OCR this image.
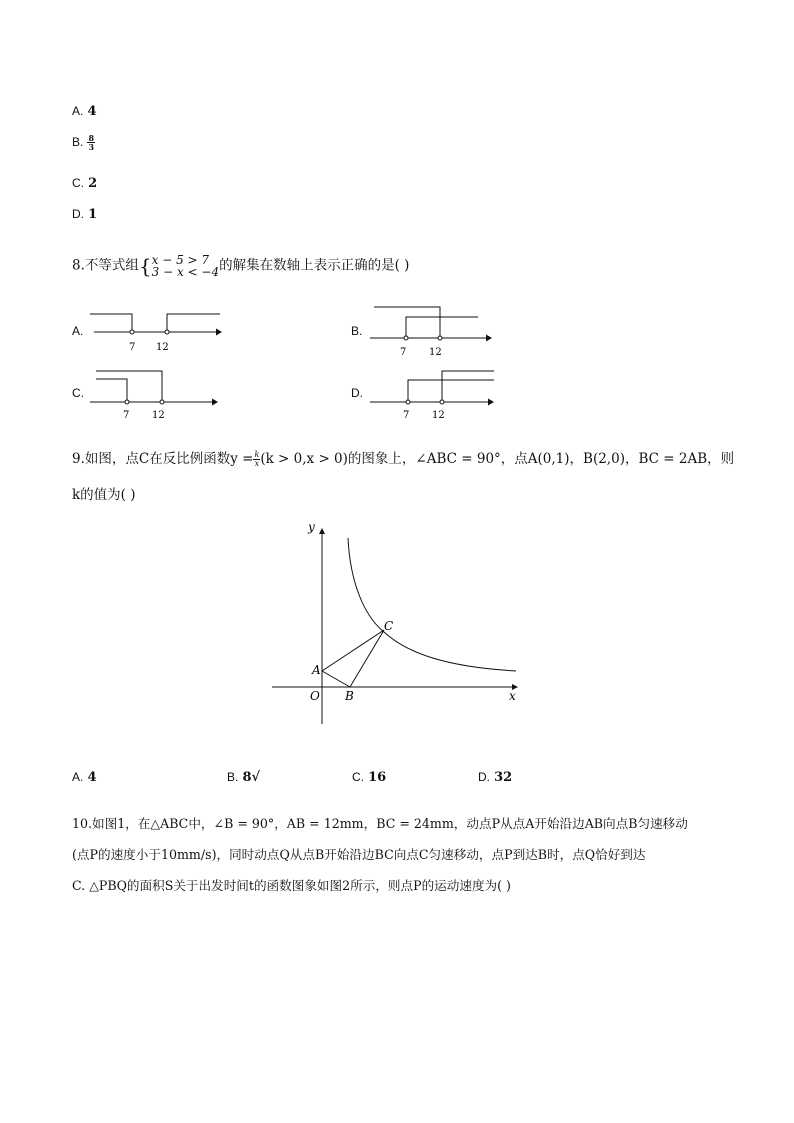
A. 4
B. $\frac{8}{3}$
C. 2
D. 1
8.不等式组{ x − 5 > 7
3 − x < −4 的解集在数轴上表示正确的是( )
A.
7 12
B.
7 12
C.
7 12
D.
7 12
9.如图，点C在反比例函数$y = \frac{k}{x} (k > 0,x > 0)$的图象上，∠ABC = 90°，点A(0,1)，B(2,0)，BC = 2AB，则
k的值为( )
y
x
O
A
B
C
A. 4	B. 8√	C. 16	D. 32
10.如图1，在△ABC中，∠B = 90°，AB = 12mm，BC = 24mm，动点P从点A开始沿边AB向点B匀速移动
(点P的速度小于10mm/s)，同时动点Q从点B开始沿边BC向点C匀速移动，点P到达B时，点Q恰好到达
C. △PBQ的面积S关于出发时间t的函数图象如图2所示，则点P的运动速度为( )
